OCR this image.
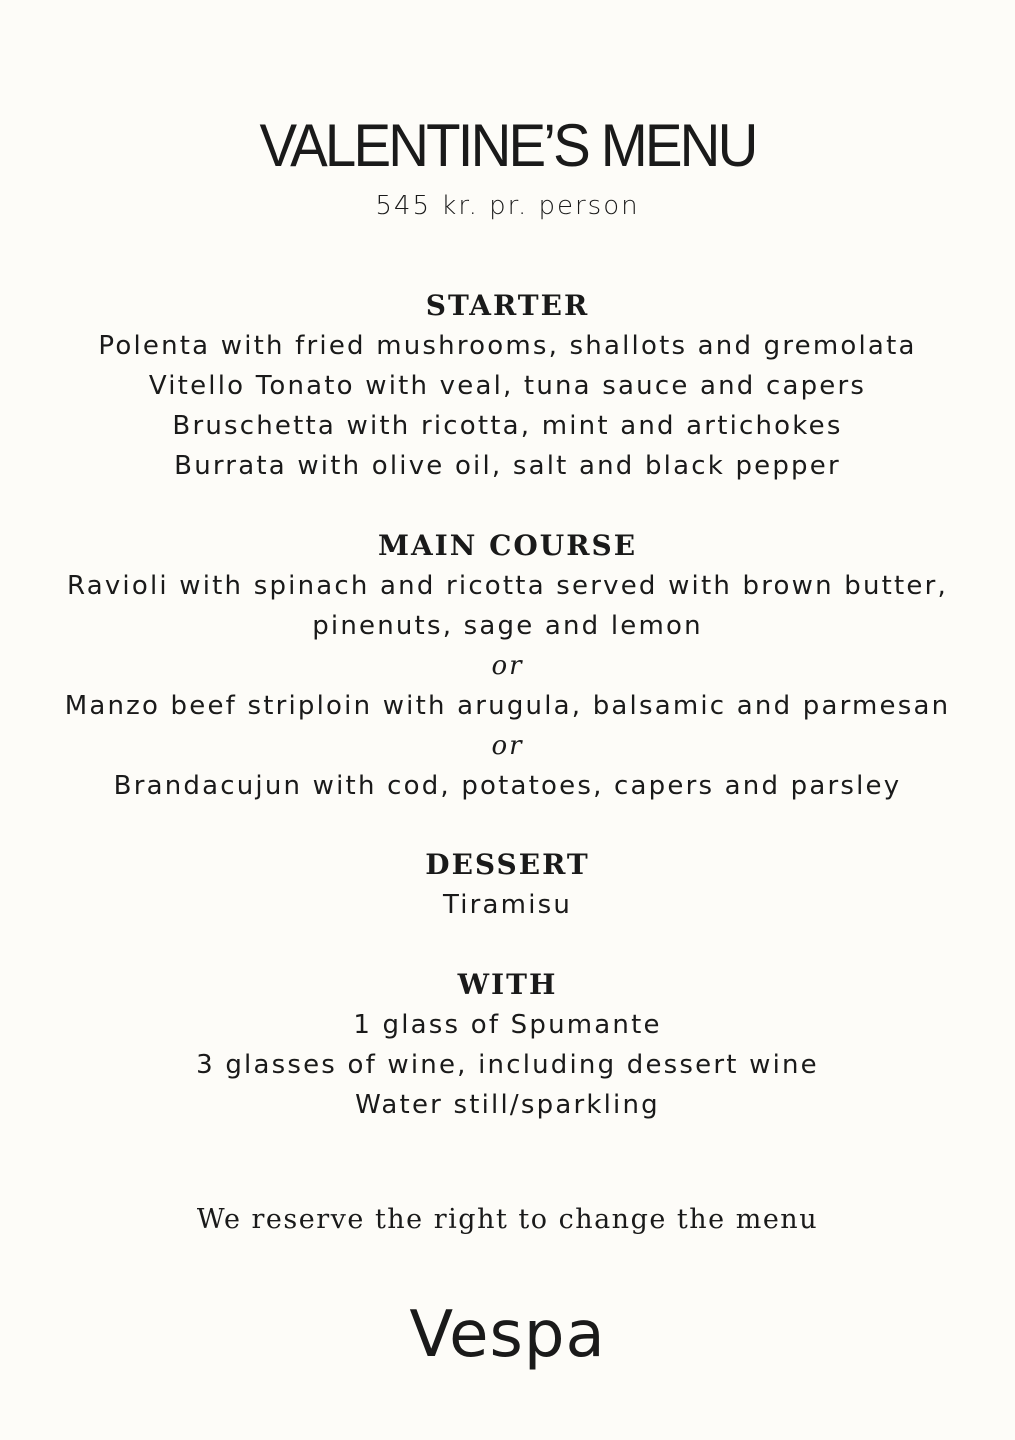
VALENTINE’S MENU
545 kr. pr. person
STARTER
Polenta with fried mushrooms, shallots and gremolata
Vitello Tonato with veal, tuna sauce and capers
Bruschetta with ricotta, mint and artichokes
Burrata with olive oil, salt and black pepper
MAIN COURSE
Ravioli with spinach and ricotta served with brown butter,
pinenuts, sage and lemon
or
Manzo beef striploin with arugula, balsamic and parmesan
or
Brandacujun with cod, potatoes, capers and parsley
DESSERT
Tiramisu
WITH
1 glass of Spumante
3 glasses of wine, including dessert wine
Water still/sparkling
We reserve the right to change the menu
Vespa
